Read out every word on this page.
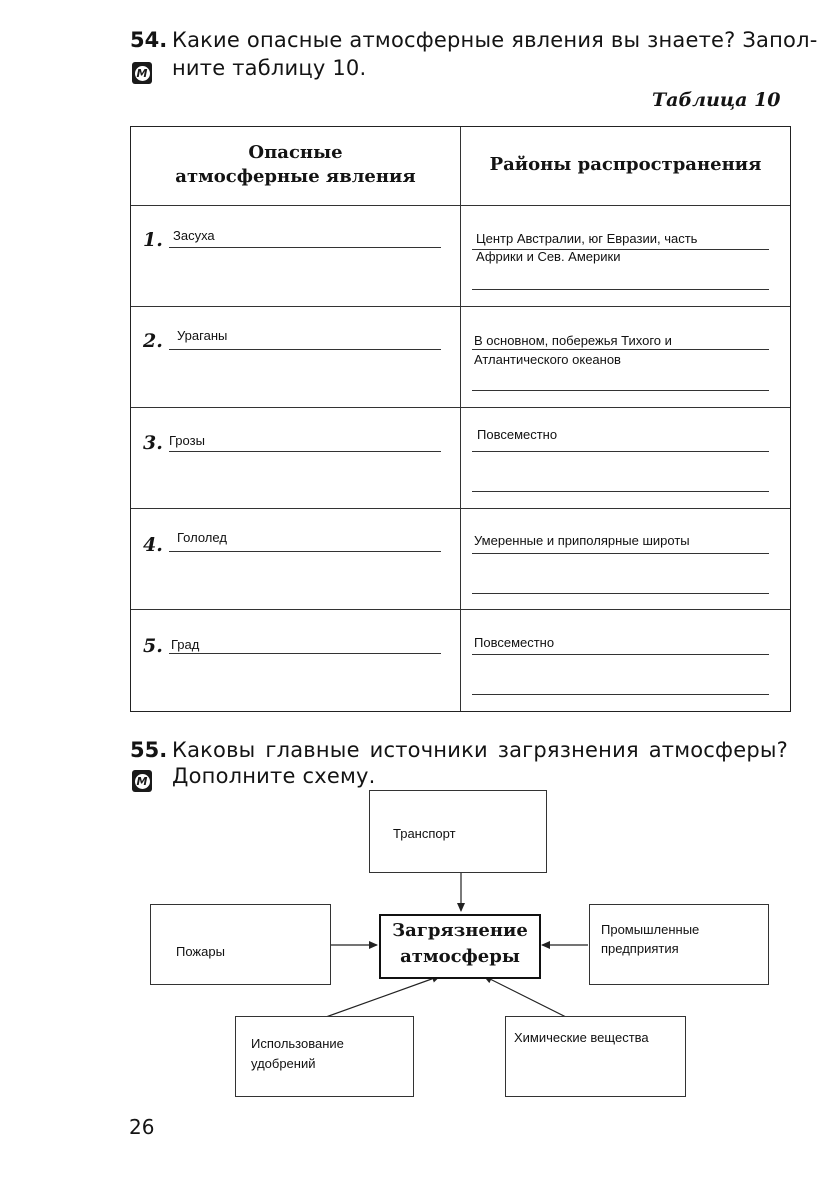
54. Какие опасные атмосферные явления вы знаете? Запол-
М ните таблицу 10.
Таблица 10
Опасные
атмосферные явления
Районы распространения
1. Засуха	Центр Австралии, юг Евразии, часть
Африки и Сев. Америки
2. Ураганы	В основном, побережья Тихого и
Атлантического океанов
3. Грозы	Повсеместно
4. Гололед	Умеренные и приполярные широты
5. Град	Повсеместно
55. Каковы главные источники загрязнения атмосферы?
М Дополните схему.
Транспорт
Пожары
Загрязнение
атмосферы
Промышленные
предприятия
Использование
удобрений
Химические вещества
26
